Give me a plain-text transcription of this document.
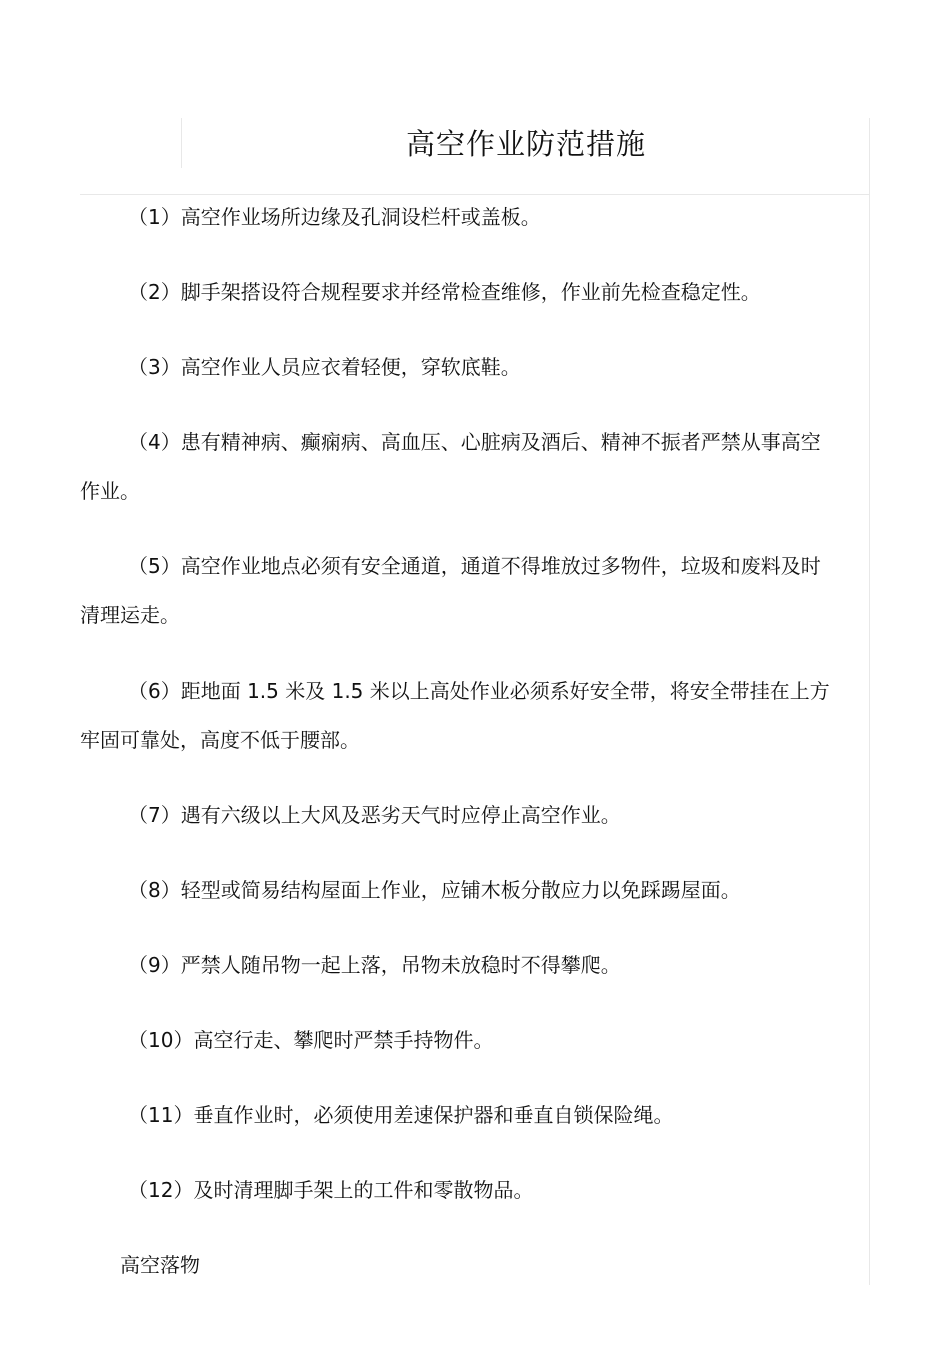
高空作业防范措施
（1）高空作业场所边缘及孔洞设栏杆或盖板。
（2）脚手架搭设符合规程要求并经常检查维修，作业前先检查稳定性。
（3）高空作业人员应衣着轻便，穿软底鞋。
（4）患有精神病、癫痫病、高血压、心脏病及酒后、精神不振者严禁从事高空作业。
（5）高空作业地点必须有安全通道，通道不得堆放过多物件，垃圾和废料及时清理运走。
（6）距地面 1.5 米及 1.5 米以上高处作业必须系好安全带，将安全带挂在上方牢固可靠处，高度不低于腰部。
（7）遇有六级以上大风及恶劣天气时应停止高空作业。
（8）轻型或简易结构屋面上作业，应铺木板分散应力以免踩踢屋面。
（9）严禁人随吊物一起上落，吊物未放稳时不得攀爬。
（10）高空行走、攀爬时严禁手持物件。
（11）垂直作业时，必须使用差速保护器和垂直自锁保险绳。
（12）及时清理脚手架上的工件和零散物品。
高空落物
